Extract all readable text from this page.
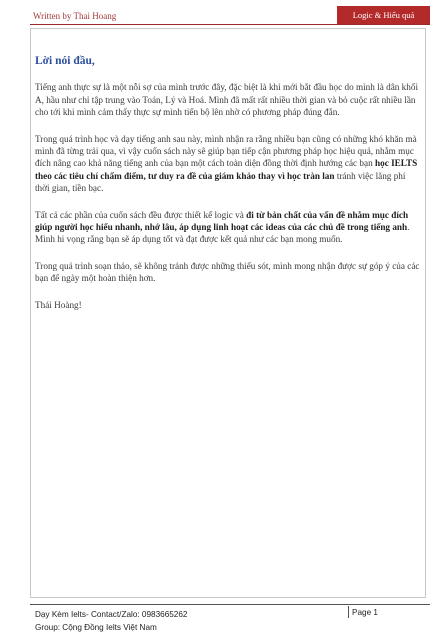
Written by Thai Hoang	Logic & Hiểu quả
Lời nói đầu,

Tiếng anh thực sự là một nỗi sợ của mình trước đây, đặc biệt là khi mới bắt đầu học do mình là dân khối A, hầu như chỉ tập trung vào Toán, Lý và Hoá. Mình đã mất rất nhiều thời gian và bỏ cuộc rất nhiều lần cho tới khi mình cảm thấy thực sự mình tiến bộ lên nhờ có phương pháp đúng đắn.

Trong quá trình học và dạy tiếng anh sau này, mình nhận ra rằng nhiều bạn cũng có những khó khăn mà mình đã từng trải qua, vì vậy cuốn sách này sẽ giúp bạn tiếp cận phương pháp học hiệu quả, nhằm mục đích nâng cao khả năng tiếng anh của bạn một cách toàn diện đồng thời định hướng các bạn học IELTS theo các tiêu chí chấm điểm, tư duy ra đề của giám khảo thay vì học tràn lan tránh việc lãng phí thời gian, tiền bạc.

Tất cả các phần của cuốn sách đều được thiết kế logic và đi từ bản chất của vấn đề nhằm mục đích giúp người học hiểu nhanh, nhớ lâu, áp dụng linh hoạt các ideas của các chủ đề trong tiếng anh. Mình hi vọng rằng bạn sẽ áp dụng tốt và đạt được kết quả như các bạn mong muốn.

Trong quá trình soạn thảo, sẽ không tránh được những thiếu sót, mình mong nhận được sự góp ý của các bạn để ngày một hoàn thiện hơn.

Thái Hoàng!

Dạy Kèm Ielts- Contact/Zalo: 0983665262
Group: Cộng Đồng Ielts Việt Nam
Page 1
